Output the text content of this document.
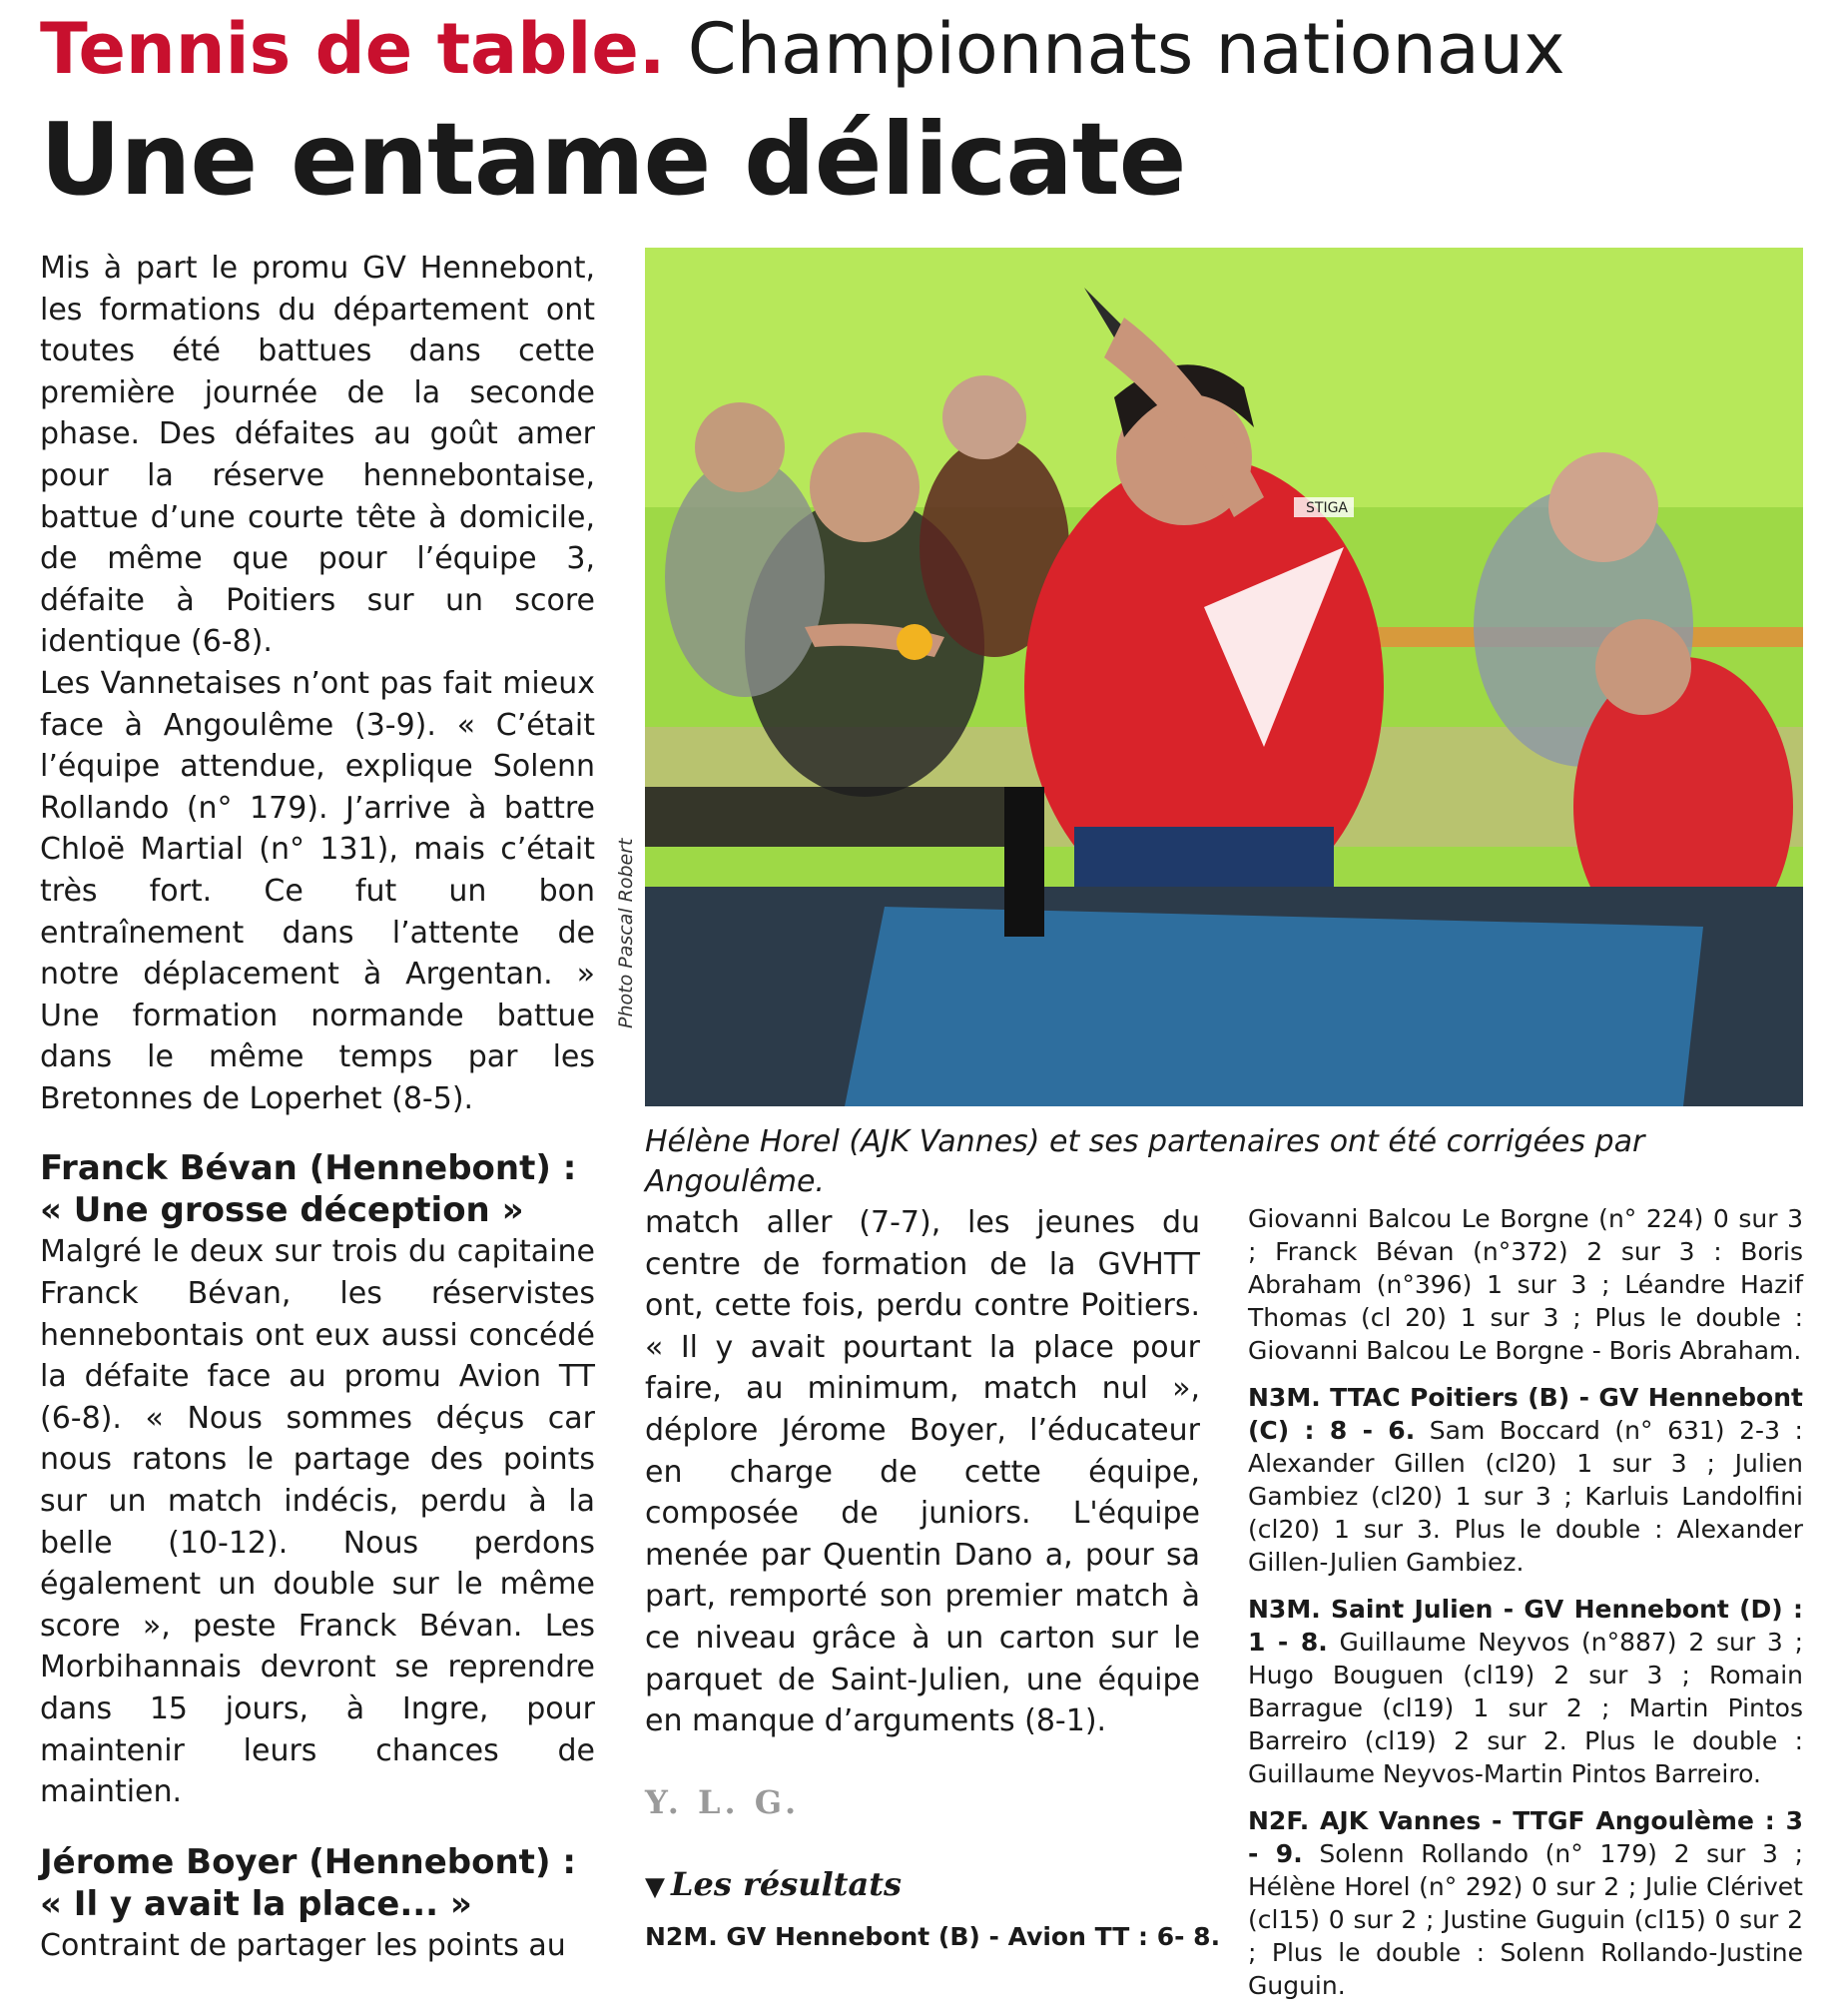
Tennis de table. Championnats nationaux
Une entame délicate

Mis à part le promu GV Hennebont, les formations du département ont toutes été battues dans cette première journée de la seconde phase. Des défaites au goût amer pour la réserve hennebontaise, battue d’une courte tête à domicile, de même que pour l’équipe 3, défaite à Poitiers sur un score identique (6-8).

Les Vannetaises n’ont pas fait mieux face à Angoulême (3-9). « C’était l’équipe attendue, explique Solenn Rollando (n° 179). J’arrive à battre Chloë Martial (n° 131), mais c’était très fort. Ce fut un bon entraînement dans l’attente de notre déplacement à Argentan. » Une formation normande battue dans le même temps par les Bretonnes de Loperhet (8-5).

Franck Bévan (Hennebont) : « Une grosse déception »

Malgré le deux sur trois du capitaine Franck Bévan, les réservistes hennebontais ont eux aussi concédé la défaite face au promu Avion TT (6-8). « Nous sommes déçus car nous ratons le partage des points sur un match indécis, perdu à la belle (10-12). Nous perdons également un double sur le même score », peste Franck Bévan. Les Morbihannais devront se reprendre dans 15 jours, à Ingre, pour maintenir leurs chances de maintien.

Jérome Boyer (Hennebont) : « Il y avait la place... »

Contraint de partager les points au

STIGA
Photo Pascal Robert
Hélène Horel (AJK Vannes) et ses partenaires ont été corrigées par Angoulême.

match aller (7-7), les jeunes du centre de formation de la GVHTT ont, cette fois, perdu contre Poitiers. « Il y avait pourtant la place pour faire, au minimum, match nul », déplore Jérome Boyer, l’éducateur en charge de cette équipe, composée de juniors. L'équipe menée par Quentin Dano a, pour sa part, remporté son premier match à ce niveau grâce à un carton sur le parquet de Saint-Julien, une équipe en manque d’arguments (8-1).

Y. L. G.
▼ Les résultats
N2M. GV Hennebont (B) - Avion TT : 6- 8.

Giovanni Balcou Le Borgne (n° 224) 0 sur 3 ; Franck Bévan (n°372) 2 sur 3 : Boris Abraham (n°396) 1 sur 3 ; Léandre Hazif Thomas (cl 20) 1 sur 3 ; Plus le double : Giovanni Balcou Le Borgne - Boris Abraham.

N3M. TTAC Poitiers (B) - GV Hennebont (C) : 8 - 6. Sam Boccard (n° 631) 2-3 : Alexander Gillen (cl20) 1 sur 3 ; Julien Gambiez (cl20) 1 sur 3 ; Karluis Landolfini (cl20) 1 sur 3. Plus le double : Alexander Gillen-Julien Gambiez.

N3M. Saint Julien - GV Hennebont (D) : 1 - 8. Guillaume Neyvos (n°887) 2 sur 3 ; Hugo Bouguen (cl19) 2 sur 3 ; Romain Barrague (cl19) 1 sur 2 ; Martin Pintos Barreiro (cl19) 2 sur 2. Plus le double : Guillaume Neyvos-Martin Pintos Barreiro.

N2F. AJK Vannes - TTGF Angoulème : 3 - 9. Solenn Rollando (n° 179) 2 sur 3 ; Hélène Horel (n° 292) 0 sur 2 ; Julie Clérivet (cl15) 0 sur 2 ; Justine Guguin (cl15) 0 sur 2 ; Plus le double : Solenn Rollando-Justine Guguin.
